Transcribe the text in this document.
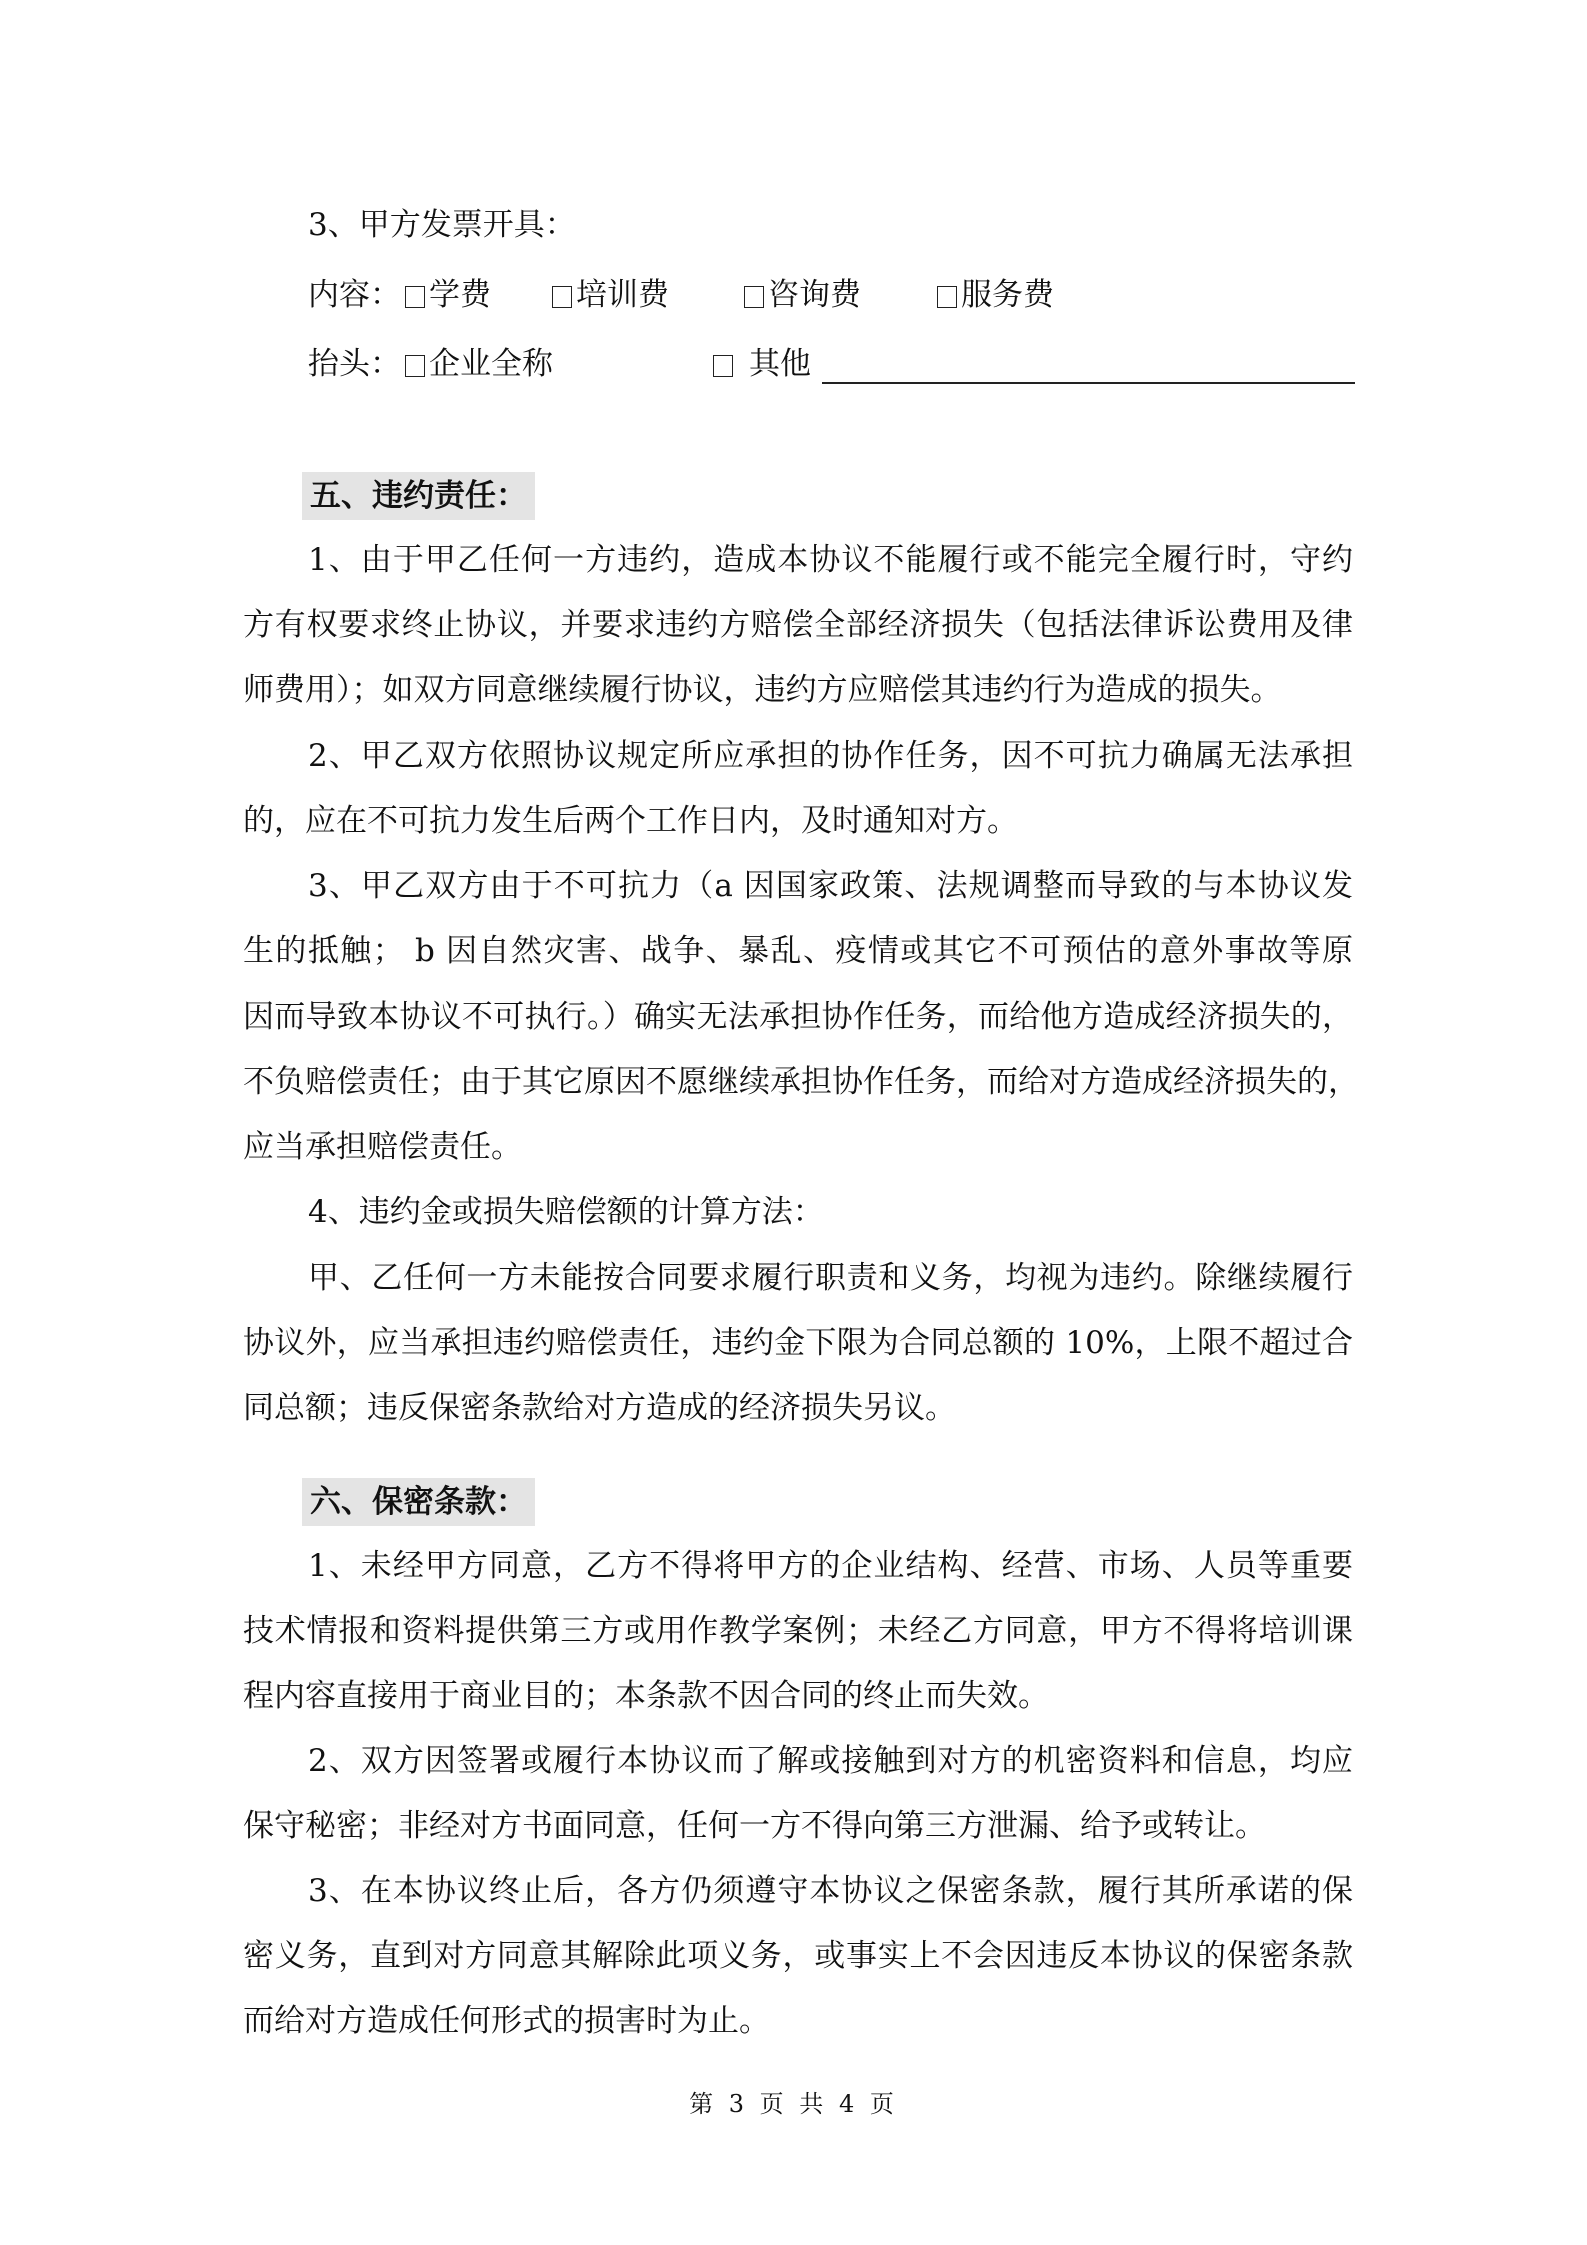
3、甲方发票开具：
内容： 学费	培训费	咨询费	服务费
抬头： 企业全称	其他
五、违约责任：
1、由于甲乙任何一方违约，造成本协议不能履行或不能完全履行时，守约
方有权要求终止协议，并要求违约方赔偿全部经济损失（包括法律诉讼费用及律
师费用）；如双方同意继续履行协议，违约方应赔偿其违约行为造成的损失。
2、甲乙双方依照协议规定所应承担的协作任务，因不可抗力确属无法承担
的，应在不可抗力发生后两个工作日内，及时通知对方。
3、甲乙双方由于不可抗力（a 因国家政策、法规调整而导致的与本协议发
生的抵触； b 因自然灾害、战争、暴乱、疫情或其它不可预估的意外事故等原
因而导致本协议不可执行。）确实无法承担协作任务，而给他方造成经济损失的，
不负赔偿责任；由于其它原因不愿继续承担协作任务，而给对方造成经济损失的，
应当承担赔偿责任。
4、违约金或损失赔偿额的计算方法：
甲、乙任何一方未能按合同要求履行职责和义务，均视为违约。除继续履行
协议外，应当承担违约赔偿责任，违约金下限为合同总额的 10%，上限不超过合
同总额；违反保密条款给对方造成的经济损失另议。
六、保密条款：
1、未经甲方同意，乙方不得将甲方的企业结构、经营、市场、人员等重要
技术情报和资料提供第三方或用作教学案例；未经乙方同意，甲方不得将培训课
程内容直接用于商业目的；本条款不因合同的终止而失效。
2、双方因签署或履行本协议而了解或接触到对方的机密资料和信息，均应
保守秘密；非经对方书面同意，任何一方不得向第三方泄漏、给予或转让。
3、在本协议终止后，各方仍须遵守本协议之保密条款，履行其所承诺的保
密义务，直到对方同意其解除此项义务，或事实上不会因违反本协议的保密条款
而给对方造成任何形式的损害时为止。
第 3 页 共 4 页
